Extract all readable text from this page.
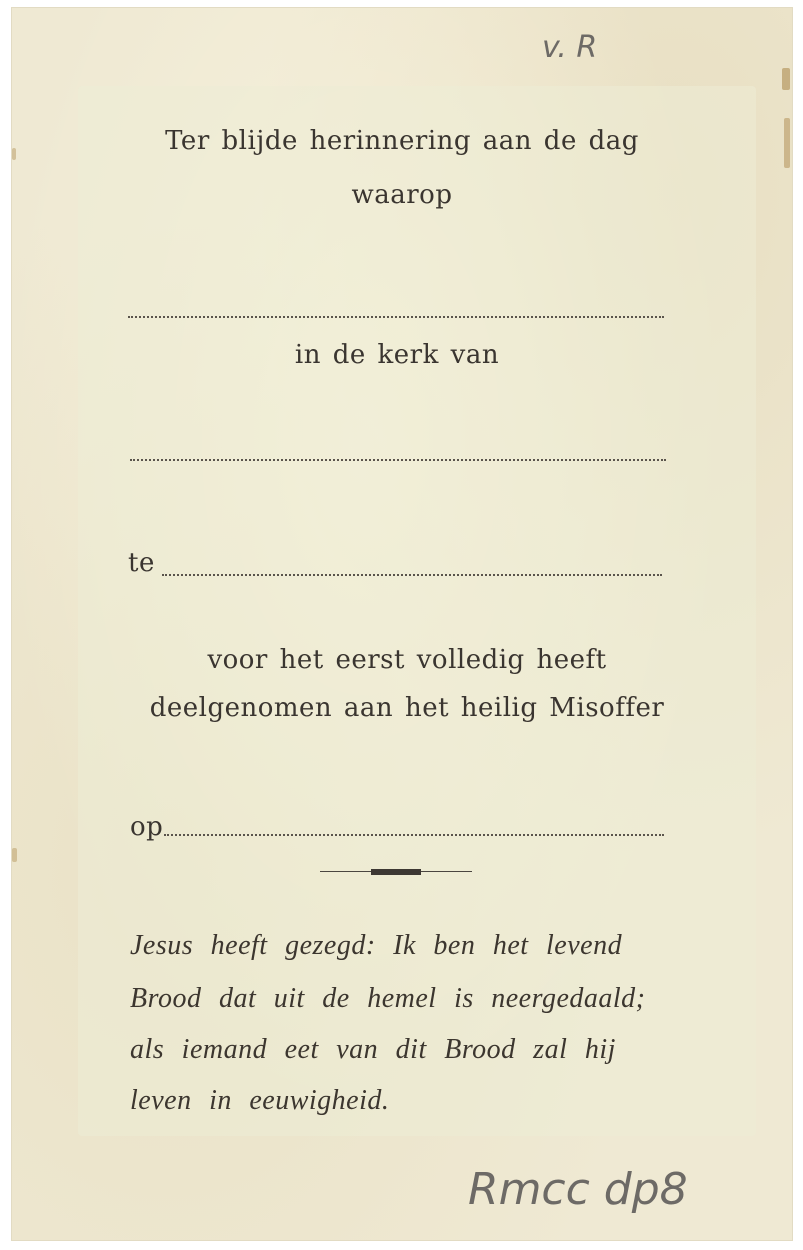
v. R
Ter blijde herinnering aan de dag
waarop
in de kerk van
te
voor het eerst volledig heeft
deelgenomen aan het heilig Misoffer
op
Jesus heeft gezegd: Ik ben het levend
Brood dat uit de hemel is neergedaald;
als iemand eet van dit Brood zal hij
leven in eeuwigheid.
Rmcc dp8
